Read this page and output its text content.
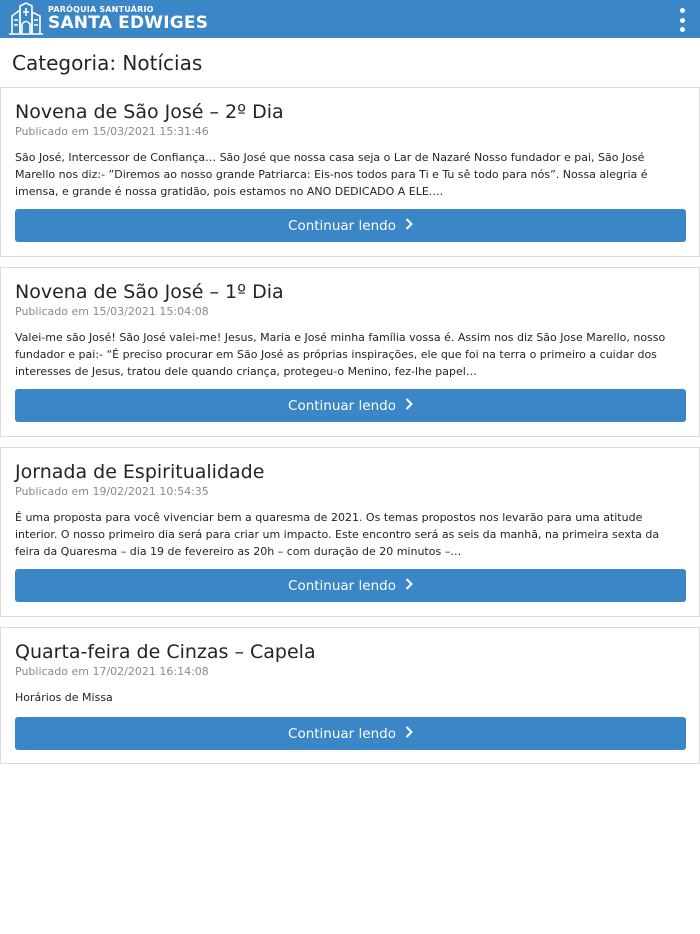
PARÓQUIA SANTUÁRIO
SANTA EDWIGES
Categoria: Notícias
Novena de São José – 2º Dia
Publicado em 15/03/2021 15:31:46
São José, Intercessor de Confiança… São José que nossa casa seja o Lar de Nazaré Nosso fundador e pai, São José Marello nos diz:- ”Diremos ao nosso grande Patriarca: Eis-nos todos para Ti e Tu sê todo para nós”. Nossa alegria é imensa, e grande é nossa gratidão, pois estamos no ANO DEDICADO A ELE.…
Continuar lendo
Novena de São José – 1º Dia
Publicado em 15/03/2021 15:04:08
Valei-me são José! São José valei-me! Jesus, Maria e José minha família vossa é. Assim nos diz São Jose Marello, nosso fundador e pai:- “É preciso procurar em São José as próprias inspirações, ele que foi na terra o primeiro a cuidar dos interesses de Jesus, tratou dele quando criança, protegeu-o Menino, fez-lhe papel…
Continuar lendo
Jornada de Espiritualidade
Publicado em 19/02/2021 10:54:35
É uma proposta para você vivenciar bem a quaresma de 2021. Os temas propostos nos levarão para uma atitude interior. O nosso primeiro dia será para criar um impacto. Este encontro será as seis da manhã, na primeira sexta da feira da Quaresma – dia 19 de fevereiro as 20h – com duração de 20 minutos –…
Continuar lendo
Quarta-feira de Cinzas – Capela
Publicado em 17/02/2021 16:14:08
Horários de Missa
Continuar lendo
